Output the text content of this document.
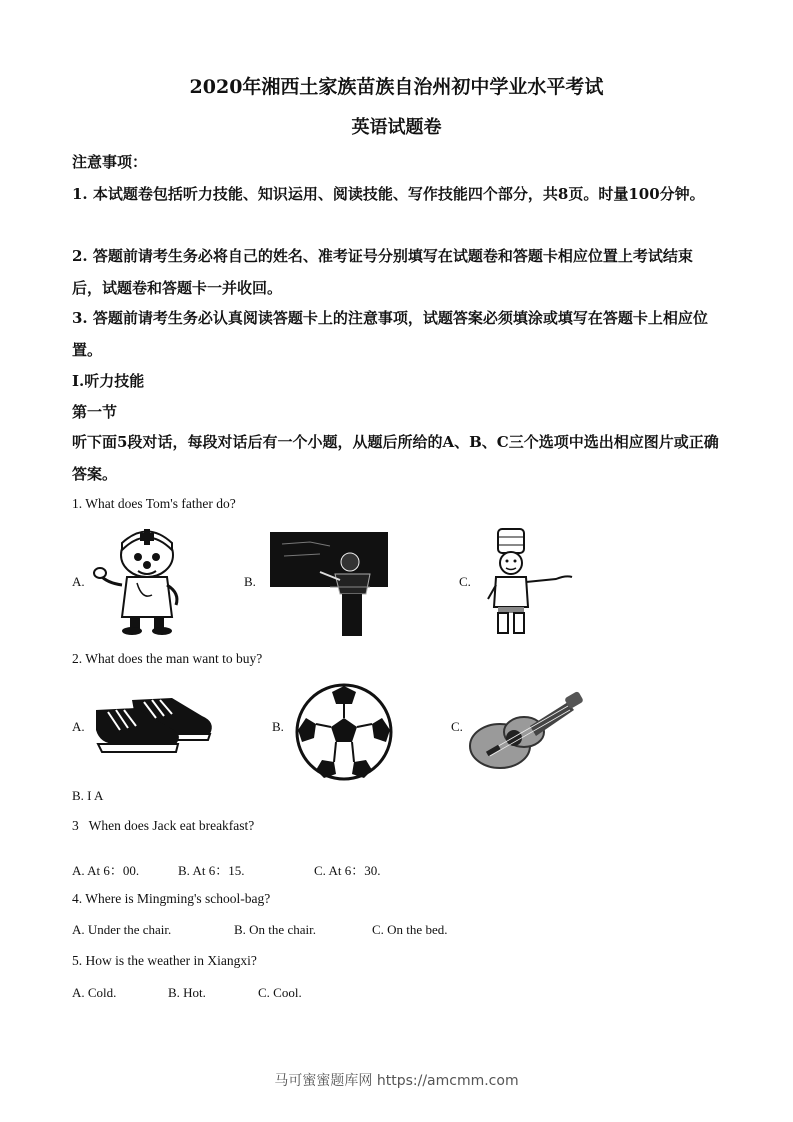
2020年湘西土家族苗族自治州初中学业水平考试
英语试题卷
注意事项：
1. 本试题卷包括听力技能、知识运用、阅读技能、写作技能四个部分，共8页。时量100分钟。
2. 答题前请考生务必将自己的姓名、准考证号分别填写在试题卷和答题卡相应位置上考试结束后，试题卷和答题卡一并收回。
3. 答题前请考生务必认真阅读答题卡上的注意事项，试题答案必须填涂或填写在答题卡上相应位置。
I.听力技能
第一节
听下面5段对话，每段对话后有一个小题，从题后所给的A、B、C三个选项中选出相应图片或正确答案。
1. What does Tom's father do?
A.	B.	C.
2. What does the man want to buy?
A.	B.	C.
B. I A
3   When does Jack eat breakfast?
A. At 6：00.	B. At 6：15.	C. At 6：30.
4. Where is Mingming's school-bag?
A. Under the chair.	B. On the chair.	C. On the bed.
5. How is the weather in Xiangxi?
A. Cold.	B. Hot.	C. Cool.
马可蜜蜜题库网 https://amcmm.com
